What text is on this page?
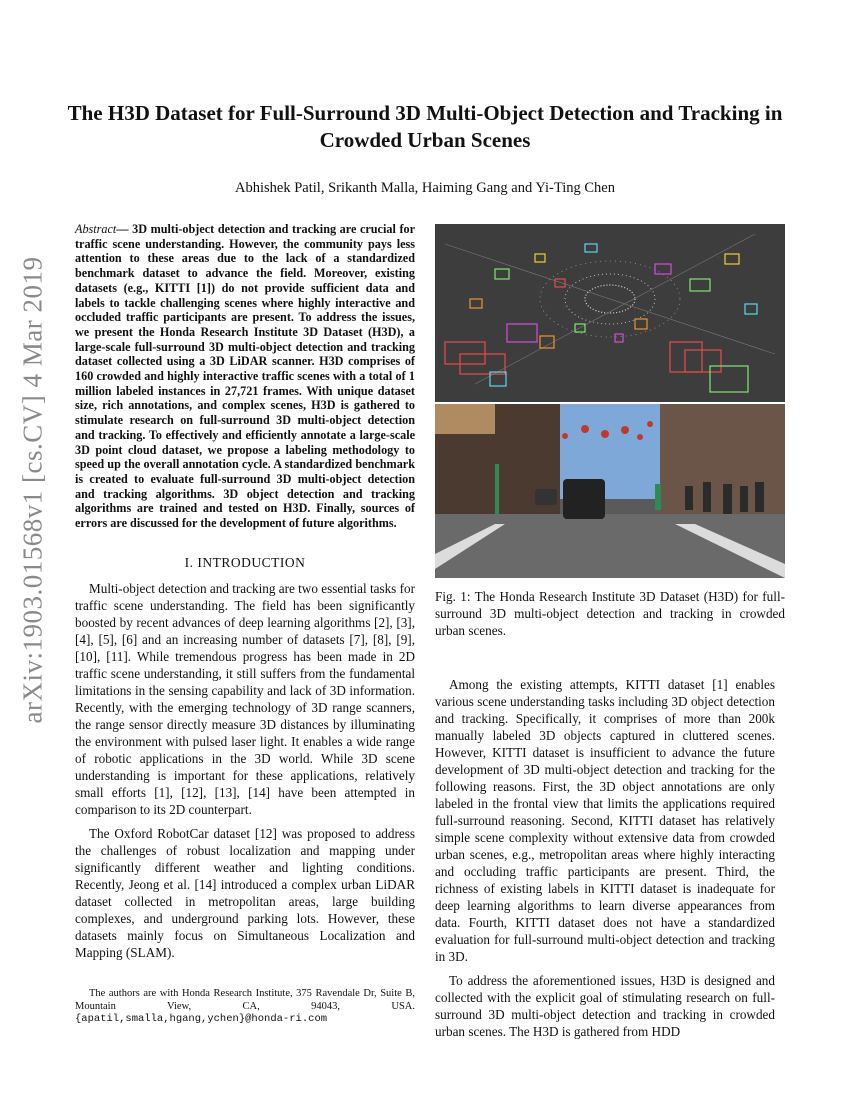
arXiv:1903.01568v1 [cs.CV] 4 Mar 2019
The H3D Dataset for Full-Surround 3D Multi-Object Detection and Tracking in Crowded Urban Scenes
Abhishek Patil, Srikanth Malla, Haiming Gang and Yi-Ting Chen
Abstract— 3D multi-object detection and tracking are crucial for traffic scene understanding. However, the community pays less attention to these areas due to the lack of a standardized benchmark dataset to advance the field. Moreover, existing datasets (e.g., KITTI [1]) do not provide sufficient data and labels to tackle challenging scenes where highly interactive and occluded traffic participants are present. To address the issues, we present the Honda Research Institute 3D Dataset (H3D), a large-scale full-surround 3D multi-object detection and tracking dataset collected using a 3D LiDAR scanner. H3D comprises of 160 crowded and highly interactive traffic scenes with a total of 1 million labeled instances in 27,721 frames. With unique dataset size, rich annotations, and complex scenes, H3D is gathered to stimulate research on full-surround 3D multi-object detection and tracking. To effectively and efficiently annotate a large-scale 3D point cloud dataset, we propose a labeling methodology to speed up the overall annotation cycle. A standardized benchmark is created to evaluate full-surround 3D multi-object detection and tracking algorithms. 3D object detection and tracking algorithms are trained and tested on H3D. Finally, sources of errors are discussed for the development of future algorithms.
I. INTRODUCTION

Multi-object detection and tracking are two essential tasks for traffic scene understanding. The field has been significantly boosted by recent advances of deep learning algorithms [2], [3], [4], [5], [6] and an increasing number of datasets [7], [8], [9], [10], [11]. While tremendous progress has been made in 2D traffic scene understanding, it still suffers from the fundamental limitations in the sensing capability and lack of 3D information. Recently, with the emerging technology of 3D range scanners, the range sensor directly measure 3D distances by illuminating the environment with pulsed laser light. It enables a wide range of robotic applications in the 3D world. While 3D scene understanding is important for these applications, relatively small efforts [1], [12], [13], [14] have been attempted in comparison to its 2D counterpart.

The Oxford RobotCar dataset [12] was proposed to address the challenges of robust localization and mapping under significantly different weather and lighting conditions. Recently, Jeong et al. [14] introduced a complex urban LiDAR dataset collected in metropolitan areas, large building complexes, and underground parking lots. However, these datasets mainly focus on Simultaneous Localization and Mapping (SLAM).

The authors are with Honda Research Institute, 375 Ravendale Dr, Suite B, Mountain View, CA, 94043, USA. {apatil,smalla,hgang,ychen}@honda-ri.com
Fig. 1: The Honda Research Institute 3D Dataset (H3D) for full-surround 3D multi-object detection and tracking in crowded urban scenes.

Among the existing attempts, KITTI dataset [1] enables various scene understanding tasks including 3D object detection and tracking. Specifically, it comprises of more than 200k manually labeled 3D objects captured in cluttered scenes. However, KITTI dataset is insufficient to advance the future development of 3D multi-object detection and tracking for the following reasons. First, the 3D object annotations are only labeled in the frontal view that limits the applications required full-surround reasoning. Second, KITTI dataset has relatively simple scene complexity without extensive data from crowded urban scenes, e.g., metropolitan areas where highly interacting and occluding traffic participants are present. Third, the richness of existing labels in KITTI dataset is inadequate for deep learning algorithms to learn diverse appearances from data. Fourth, KITTI dataset does not have a standardized evaluation for full-surround multi-object detection and tracking in 3D.

To address the aforementioned issues, H3D is designed and collected with the explicit goal of stimulating research on full-surround 3D multi-object detection and tracking in crowded urban scenes. The H3D is gathered from HDD
